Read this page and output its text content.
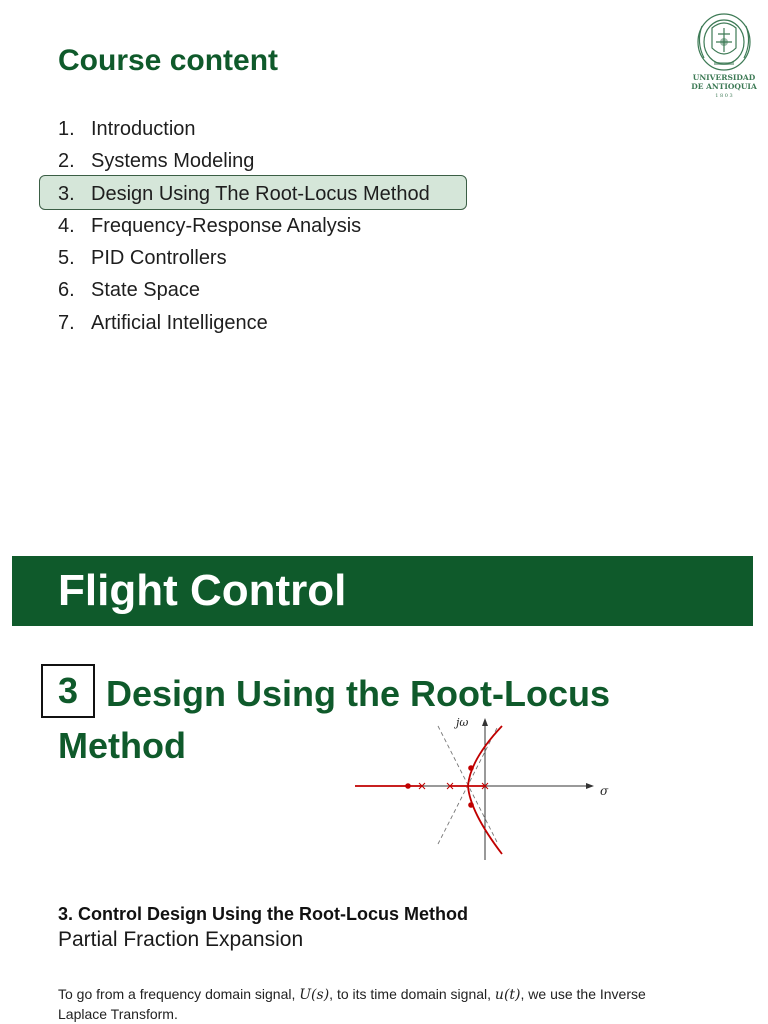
Course content
UNIVERSIDAD
DE ANTIOQUIA
1 8 0 3
1. Introduction
2. Systems Modeling
3. Design Using The Root-Locus Method
4. Frequency-Response Analysis
5. PID Controllers
6. State Space
7. Artificial Intelligence
Flight Control
3 Design Using the Root-Locus Method
jω
σ
3. Control Design Using the Root-Locus Method
Partial Fraction Expansion
To go from a frequency domain signal, U(s), to its time domain signal, u(t), we use the Inverse Laplace Transform.
